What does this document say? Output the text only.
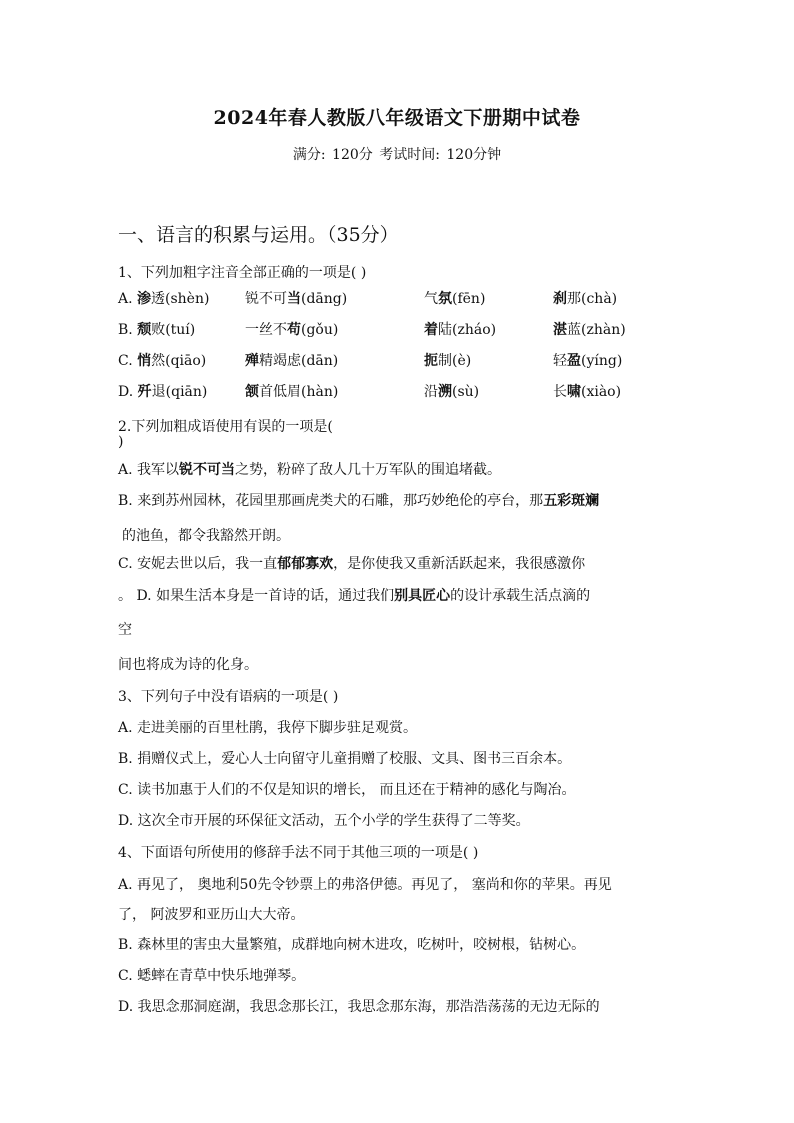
2024年春人教版八年级语文下册期中试卷
满分: 120分 考试时间: 120分钟
一、语言的积累与运用。（35分）
1、下列加粗字注音全部正确的一项是( )
A. 渗透(shèn)	锐不可当(dāng)	气氛(fēn)	刹那(chà)
B. 颓败(tuí)	一丝不苟(gǒu)	着陆(zháo)	湛蓝(zhàn)
C. 悄然(qiāo)	殚精竭虑(dān)	扼制(è)	轻盈(yíng)
D. 歼退(qiān)	颔首低眉(hàn)	沿溯(sù)	长啸(xiào)
2.下列加粗成语使用有误的一项是(
)
A. 我军以锐不可当之势，粉碎了敌人几十万军队的围追堵截。
B. 来到苏州园林，花园里那画虎类犬的石雕，那巧妙绝伦的亭台，那五彩斑斓
的池鱼，都令我豁然开朗。
C. 安妮去世以后，我一直郁郁寡欢，是你使我又重新活跃起来，我很感激你
。 D. 如果生活本身是一首诗的话，通过我们别具匠心的设计承载生活点滴的
空
间也将成为诗的化身。
3、下列句子中没有语病的一项是( )
A. 走进美丽的百里杜鹃，我停下脚步驻足观赏。
B. 捐赠仪式上，爱心人士向留守儿童捐赠了校服、文具、图书三百余本。
C. 读书加惠于人们的不仅是知识的增长， 而且还在于精神的感化与陶冶。
D. 这次全市开展的环保征文活动，五个小学的学生获得了二等奖。
4、下面语句所使用的修辞手法不同于其他三项的一项是( )
A. 再见了， 奥地利50先令钞票上的弗洛伊德。再见了， 塞尚和你的苹果。再见
了， 阿波罗和亚历山大大帝。
B. 森林里的害虫大量繁殖，成群地向树木进攻，吃树叶，咬树根，钻树心。
C. 蟋蟀在青草中快乐地弹琴。
D. 我思念那洞庭湖，我思念那长江，我思念那东海，那浩浩荡荡的无边无际的
